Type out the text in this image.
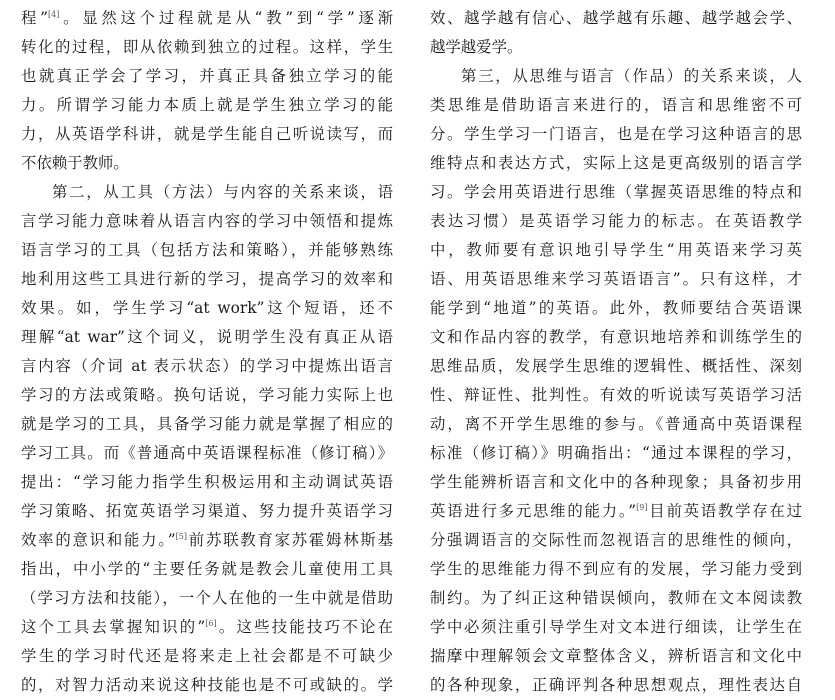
程”[4]。显然这个过程就是从“教”到“学”逐渐
转化的过程，即从依赖到独立的过程。这样，学生
也就真正学会了学习，并真正具备独立学习的能
力。所谓学习能力本质上就是学生独立学习的能
力，从英语学科讲，就是学生能自己听说读写，而
不依赖于教师。
第二，从工具（方法）与内容的关系来谈，语
言学习能力意味着从语言内容的学习中领悟和提炼
语言学习的工具（包括方法和策略），并能够熟练
地利用这些工具进行新的学习，提高学习的效率和
效果。如，学生学习“at work”这个短语，还不
理解“at war”这个词义，说明学生没有真正从语
言内容（介词 at 表示状态）的学习中提炼出语言
学习的方法或策略。换句话说，学习能力实际上也
就是学习的工具，具备学习能力就是掌握了相应的
学习工具。而《普通高中英语课程标准（修订稿）》
提出：“学习能力指学生积极运用和主动调试英语
学习策略、拓宽英语学习渠道、努力提升英语学习
效率的意识和能力。”[5]前苏联教育家苏霍姆林斯基
指出，中小学的“主要任务就是教会儿童使用工具
（学习方法和技能），一个人在他的一生中就是借助
这个工具去掌握知识的”[6]。这些技能技巧不论在
学生的学习时代还是将来走上社会都是不可缺少
的，对智力活动来说这种技能也是不可或缺的。学
效、越学越有信心、越学越有乐趣、越学越会学、
越学越爱学。
第三，从思维与语言（作品）的关系来谈，人
类思维是借助语言来进行的，语言和思维密不可
分。学生学习一门语言，也是在学习这种语言的思
维特点和表达方式，实际上这是更高级别的语言学
习。学会用英语进行思维（掌握英语思维的特点和
表达习惯）是英语学习能力的标志。在英语教学
中，教师要有意识地引导学生“用英语来学习英
语、用英语思维来学习英语语言”。只有这样，才
能学到“地道”的英语。此外，教师要结合英语课
文和作品内容的教学，有意识地培养和训练学生的
思维品质，发展学生思维的逻辑性、概括性、深刻
性、辩证性、批判性。有效的听说读写英语学习活
动，离不开学生思维的参与。《普通高中英语课程
标准（修订稿）》明确指出：“通过本课程的学习，
学生能辨析语言和文化中的各种现象；具备初步用
英语进行多元思维的能力。”[9]目前英语教学存在过
分强调语言的交际性而忽视语言的思维性的倾向，
学生的思维能力得不到应有的发展，学习能力受到
制约。为了纠正这种错误倾向，教师在文本阅读教
学中必须注重引导学生对文本进行细读，让学生在
揣摩中理解领会文章整体含义，辨析语言和文化中
的各种现象，正确评判各种思想观点，理性表达自
